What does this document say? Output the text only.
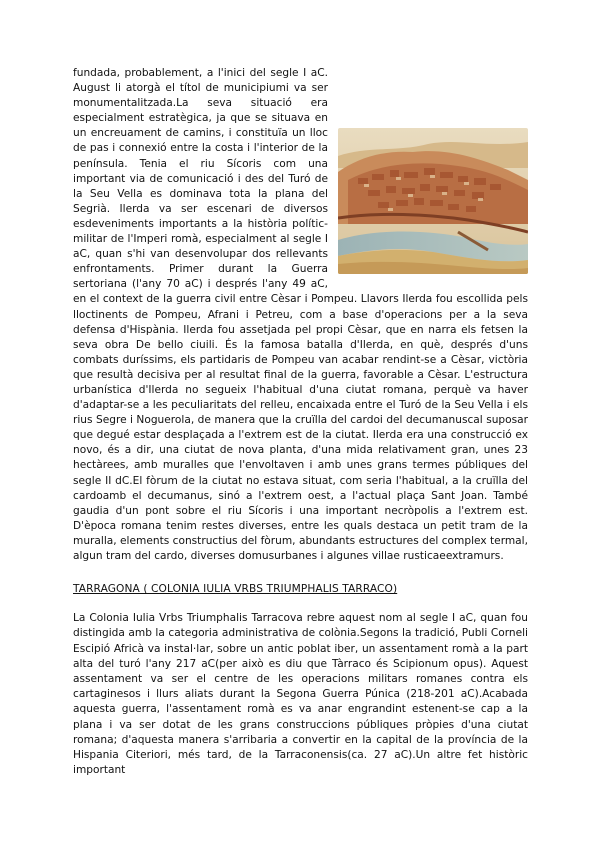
fundada, probablement, a l'inici del segle I aC. August li atorgà el títol de municipiumi va ser monumentalitzada.La seva situació era especialment estratègica, ja que se situava en un encreuament de camins, i constituïa un lloc de pas i connexió entre la costa i l'interior de la península. Tenia el riu Sícoris com una important via de comunicació i des del Turó de la Seu Vella es dominava tota la plana del Segrià. Ilerda va ser escenari de diversos esdeveniments importants a la història polític-militar de l'Imperi romà, especialment al segle I aC, quan s'hi van desenvolupar dos rellevants enfrontaments. Primer durant la Guerra sertoriana (l'any 70 aC) i després l'any 49 aC, en el context de la guerra civil entre Cèsar i Pompeu. Llavors Ilerda fou escollida pels lloctinents de Pompeu, Afrani i Petreu, com a base d'operacions per a la seva defensa d'Hispània. Ilerda fou assetjada pel propi Cèsar, que en narra els fetsen la seva obra De bello ciuili. És la famosa batalla d'Ilerda, en què, després d'uns combats duríssims, els partidaris de Pompeu van acabar rendint-se a Cèsar, victòria que resultà decisiva per al resultat final de la guerra, favorable a Cèsar. L'estructura urbanística d'Ilerda no segueix l'habitual d'una ciutat romana, perquè va haver d'adaptar-se a les peculiaritats del relleu, encaixada entre el Turó de la Seu Vella i els rius Segre i Noguerola, de manera que la cruïlla del cardoi del decumanuscal suposar que degué estar desplaçada a l'extrem est de la ciutat. Ilerda era una construcció ex novo, és a dir, una ciutat de nova planta, d'una mida relativament gran, unes 23 hectàrees, amb muralles que l'envoltaven i amb unes grans termes públiques del segle II dC.El fòrum de la ciutat no estava situat, com seria l'habitual, a la cruïlla del cardoamb el decumanus, sinó a l'extrem oest, a l'actual plaça Sant Joan. També gaudia d'un pont sobre el riu Sícoris i una important necròpolis a l'extrem est. D'època romana tenim restes diverses, entre les quals destaca un petit tram de la muralla, elements constructius del fòrum, abundants estructures del complex termal, algun tram del cardo, diverses domusurbanes i algunes villae rusticaeextramurs.

TARRAGONA ( COLONIA IULIA VRBS TRIUMPHALIS TARRACO)

La Colonia Iulia Vrbs Triumphalis Tarracova rebre aquest nom al segle I aC, quan fou distingida amb la categoria administrativa de colònia.Segons la tradició, Publi Corneli Escipió Africà va instal·lar, sobre un antic poblat iber, un assentament romà a la part alta del turó l'any 217 aC(per això es diu que Tàrraco és Scipionum opus). Aquest assentament va ser el centre de les operacions militars romanes contra els cartaginesos i llurs aliats durant la Segona Guerra Púnica (218-201 aC).Acabada aquesta guerra, l'assentament romà es va anar engrandint estenent-se cap a la plana i va ser dotat de les grans construccions públiques pròpies d'una ciutat romana; d'aquesta manera s'arribaria a convertir en la capital de la província de la Hispania Citeriori, més tard, de la Tarraconensis(ca. 27 aC).Un altre fet històric important
